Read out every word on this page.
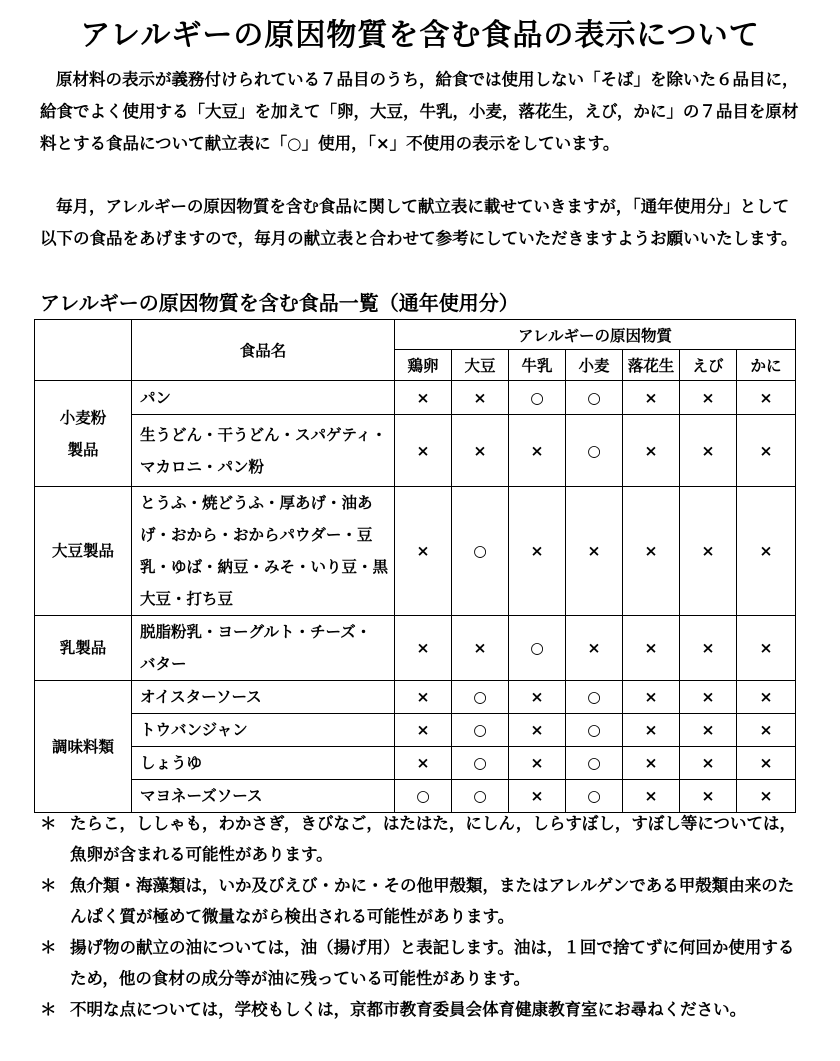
アレルギーの原因物質を含む食品の表示について
原材料の表示が義務付けられている７品目のうち，給食では使用しない「そば」を除いた６品目に，給食でよく使用する「大豆」を加えて「卵，大豆，牛乳，小麦，落花生，えび，かに」の７品目を原材料とする食品について献立表に「○」使用，「×」不使用の表示をしています。
毎月，アレルギーの原因物質を含む食品に関して献立表に載せていきますが，「通年使用分」として以下の食品をあげますので，毎月の献立表と合わせて参考にしていただきますようお願いいたします。
アレルギーの原因物質を含む食品一覧（通年使用分）
	食品名	アレルギーの原因物質						
		鶏卵	大豆	牛乳	小麦	落花生	えび	かに
小麦粉
製品	パン	×	×	○	○	×	×	×
	生うどん・干うどん・スパゲティ・
マカロニ・パン粉	×	×	×	○	×	×	×
大豆製品	とうふ・焼どうふ・厚あげ・油あ
げ・おから・おからパウダー・豆
乳・ゆば・納豆・みそ・いり豆・黒
大豆・打ち豆	×	○	×	×	×	×	×
乳製品	脱脂粉乳・ヨーグルト・チーズ・
バター	×	×	○	×	×	×	×
調味料類	オイスターソース	×	○	×	○	×	×	×
	トウバンジャン	×	○	×	○	×	×	×
	しょうゆ	×	○	×	○	×	×	×
	マヨネーズソース	○	○	×	○	×	×	×
＊ たらこ，ししゃも，わかさぎ，きびなご，はたはた，にしん，しらすぼし，すぼし等については，魚卵が含まれる可能性があります。
＊ 魚介類・海藻類は，いか及びえび・かに・その他甲殻類，またはアレルゲンである甲殻類由来のたんぱく質が極めて微量ながら検出される可能性があります。
＊ 揚げ物の献立の油については，油（揚げ用）と表記します。油は，１回で捨てずに何回か使用するため，他の食材の成分等が油に残っている可能性があります。
＊ 不明な点については，学校もしくは，京都市教育委員会体育健康教育室にお尋ねください。
